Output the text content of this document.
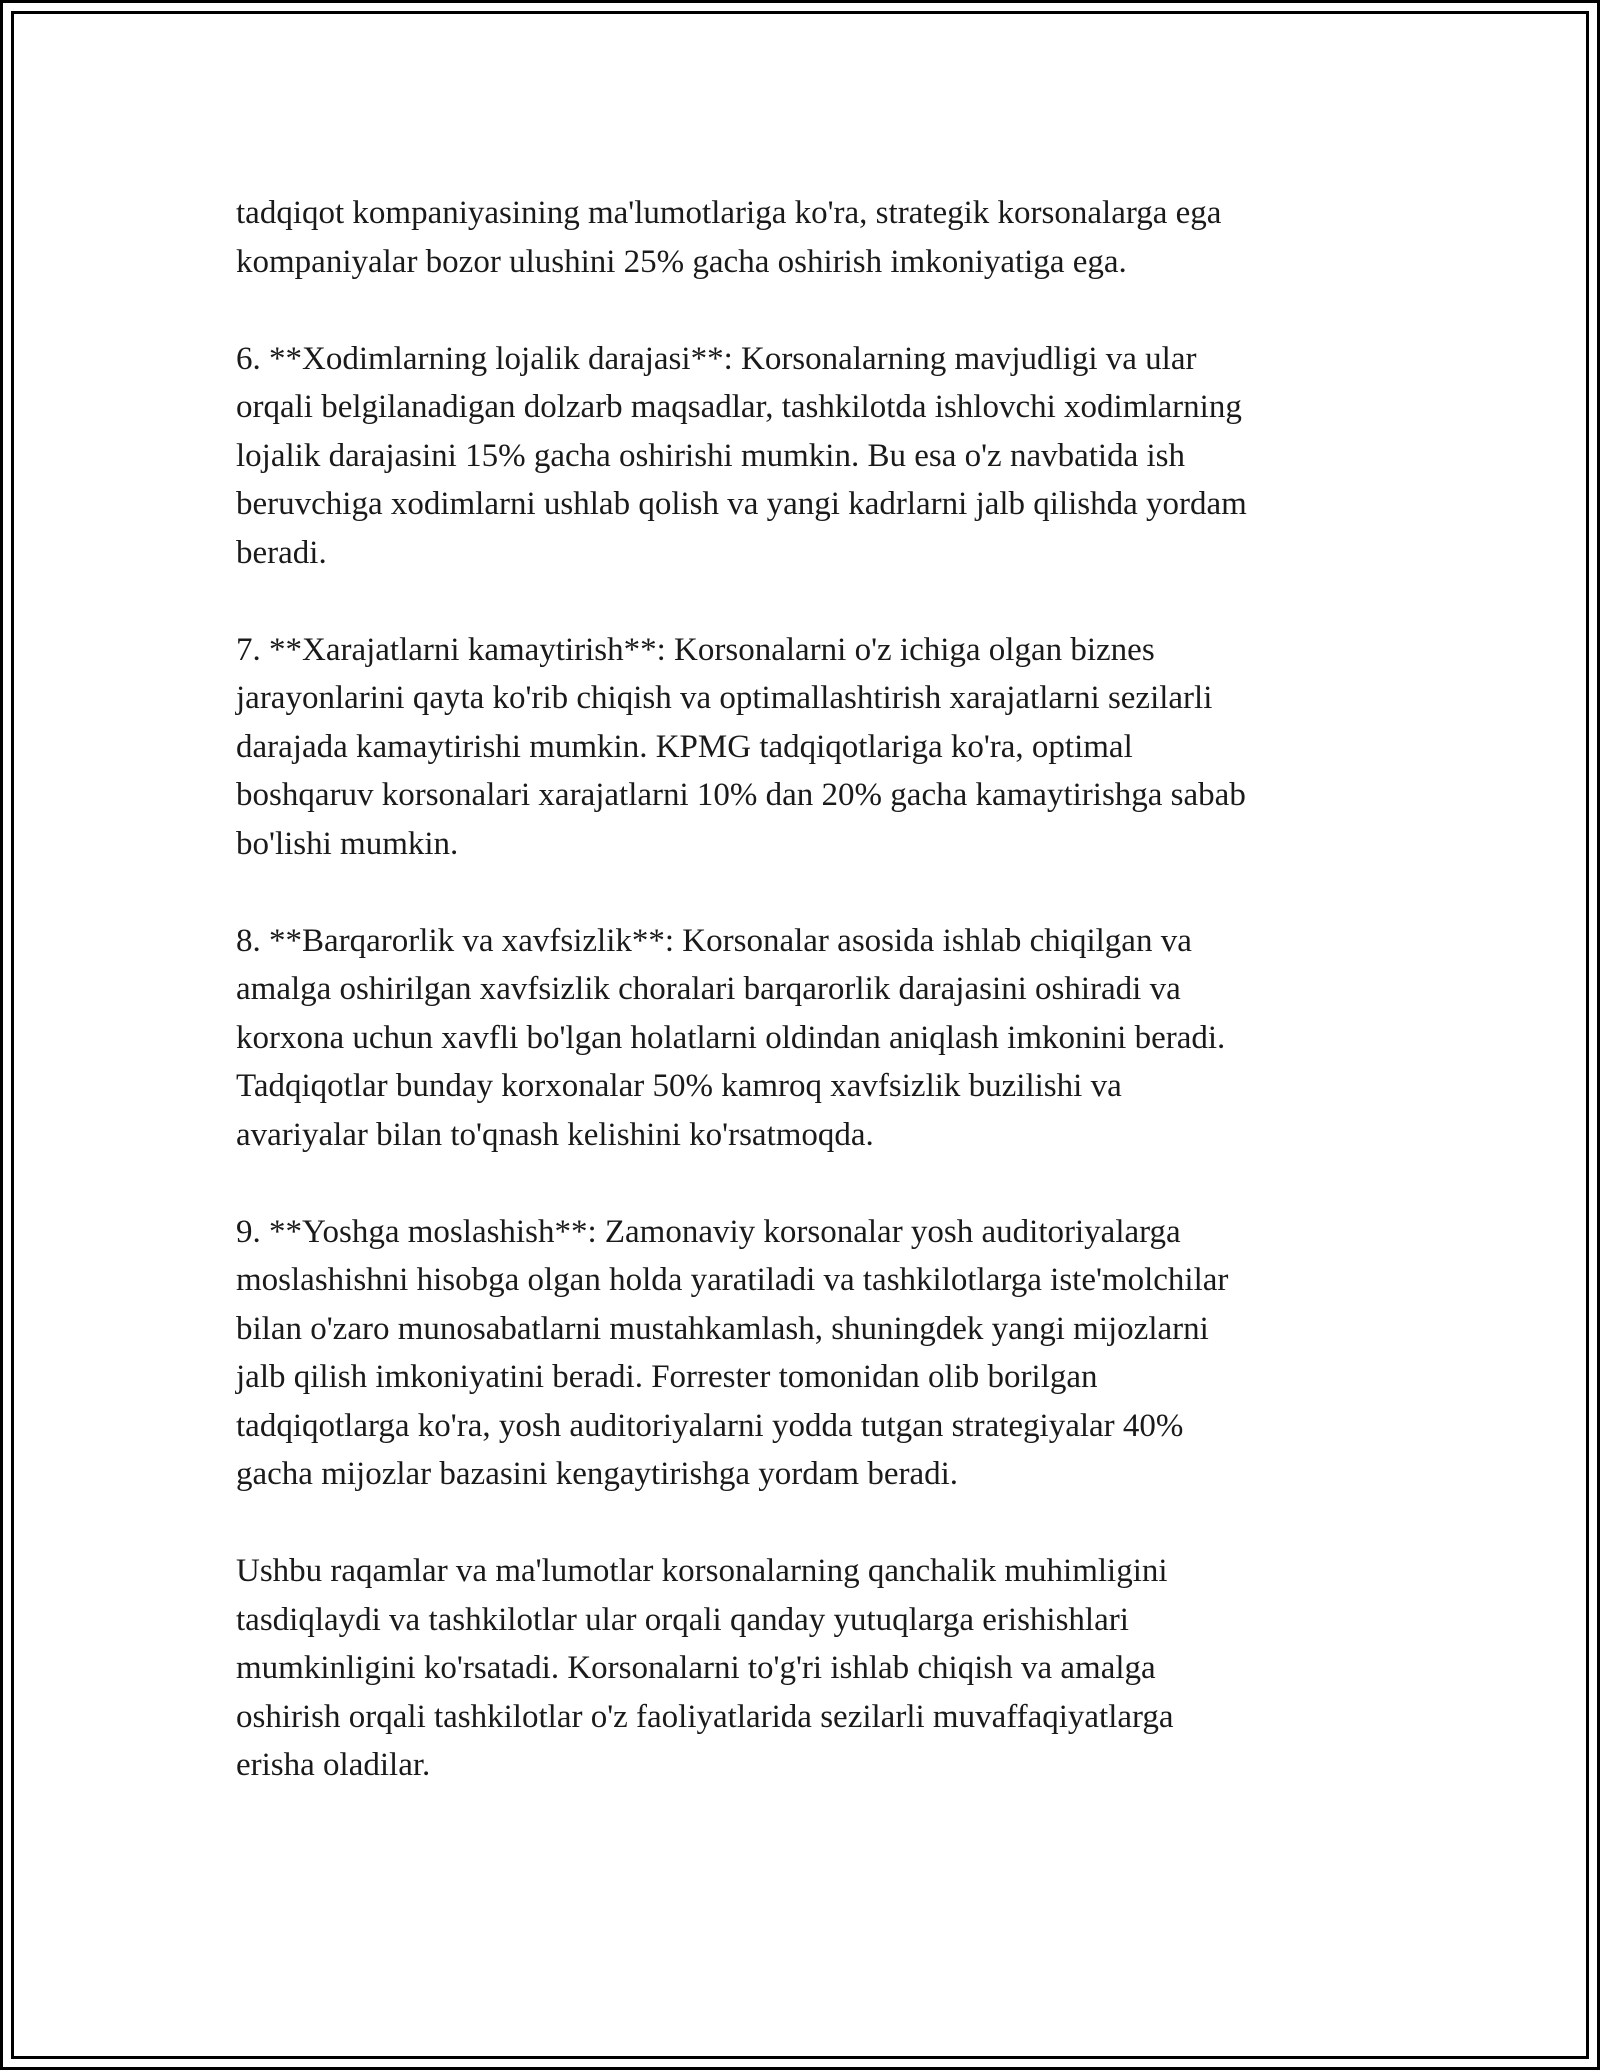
tadqiqot kompaniyasining ma'lumotlariga ko'ra, strategik korsonalarga ega
kompaniyalar bozor ulushini 25% gacha oshirish imkoniyatiga ega.

6. **Xodimlarning lojalik darajasi**: Korsonalarning mavjudligi va ular
orqali belgilanadigan dolzarb maqsadlar, tashkilotda ishlovchi xodimlarning
lojalik darajasini 15% gacha oshirishi mumkin. Bu esa o'z navbatida ish
beruvchiga xodimlarni ushlab qolish va yangi kadrlarni jalb qilishda yordam
beradi.

7. **Xarajatlarni kamaytirish**: Korsonalarni o'z ichiga olgan biznes
jarayonlarini qayta ko'rib chiqish va optimallashtirish xarajatlarni sezilarli
darajada kamaytirishi mumkin. KPMG tadqiqotlariga ko'ra, optimal
boshqaruv korsonalari xarajatlarni 10% dan 20% gacha kamaytirishga sabab
bo'lishi mumkin.

8. **Barqarorlik va xavfsizlik**: Korsonalar asosida ishlab chiqilgan va
amalga oshirilgan xavfsizlik choralari barqarorlik darajasini oshiradi va
korxona uchun xavfli bo'lgan holatlarni oldindan aniqlash imkonini beradi.
Tadqiqotlar bunday korxonalar 50% kamroq xavfsizlik buzilishi va
avariyalar bilan to'qnash kelishini ko'rsatmoqda.

9. **Yoshga moslashish**: Zamonaviy korsonalar yosh auditoriyalarga
moslashishni hisobga olgan holda yaratiladi va tashkilotlarga iste'molchilar
bilan o'zaro munosabatlarni mustahkamlash, shuningdek yangi mijozlarni
jalb qilish imkoniyatini beradi. Forrester tomonidan olib borilgan
tadqiqotlarga ko'ra, yosh auditoriyalarni yodda tutgan strategiyalar 40%
gacha mijozlar bazasini kengaytirishga yordam beradi.

Ushbu raqamlar va ma'lumotlar korsonalarning qanchalik muhimligini
tasdiqlaydi va tashkilotlar ular orqali qanday yutuqlarga erishishlari
mumkinligini ko'rsatadi. Korsonalarni to'g'ri ishlab chiqish va amalga
oshirish orqali tashkilotlar o'z faoliyatlarida sezilarli muvaffaqiyatlarga
erisha oladilar.
